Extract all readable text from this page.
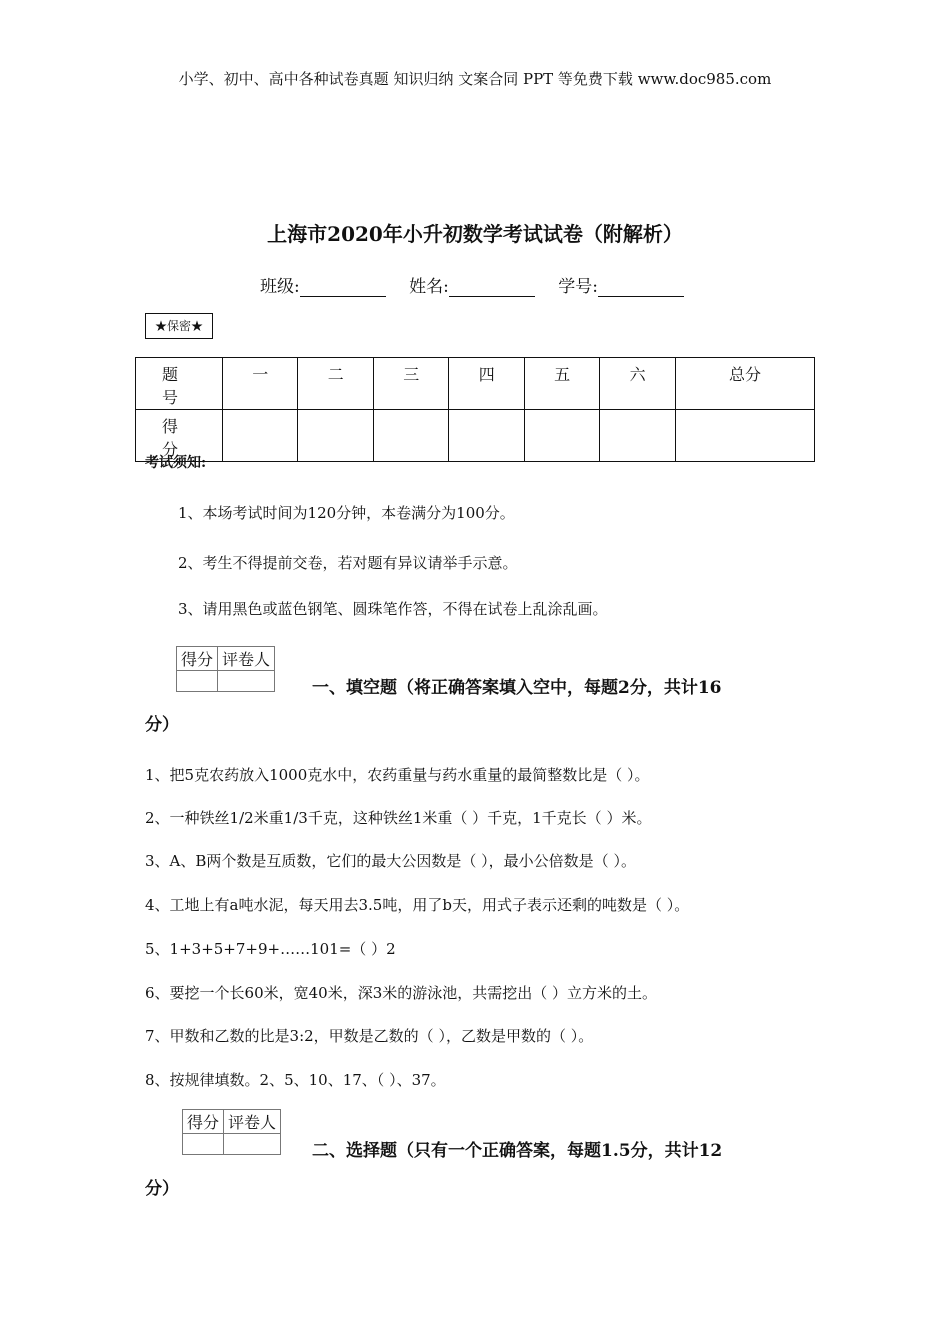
小学、初中、高中各种试卷真题 知识归纳 文案合同 PPT 等免费下载 www.doc985.com
上海市2020年小升初数学考试试卷（附解析）
班级:	姓名:	学号:
★保密★
题 号	一	二	三	四	五	六	总分
得 分							
考试须知:
1、本场考试时间为120分钟，本卷满分为100分。
2、考生不得提前交卷，若对题有异议请举手示意。
3、请用黑色或蓝色钢笔、圆珠笔作答，不得在试卷上乱涂乱画。
得分	评卷人

一、填空题（将正确答案填入空中，每题2分，共计16
分）
1、把5克农药放入1000克水中，农药重量与药水重量的最简整数比是（ ）。
2、一种铁丝1/2米重1/3千克，这种铁丝1米重（ ）千克，1千克长（ ）米。
3、A、B两个数是互质数，它们的最大公因数是（ ），最小公倍数是（ ）。
4、工地上有a吨水泥，每天用去3.5吨，用了b天，用式子表示还剩的吨数是（ ）。
5、1+3+5+7+9+……101=（ ）2
6、要挖一个长60米，宽40米，深3米的游泳池，共需挖出（ ）立方米的土。
7、甲数和乙数的比是3:2，甲数是乙数的（ ），乙数是甲数的（ ）。
8、按规律填数。2、5、10、17、（ ）、37。
得分	评卷人

二、选择题（只有一个正确答案，每题1.5分，共计12
分）
